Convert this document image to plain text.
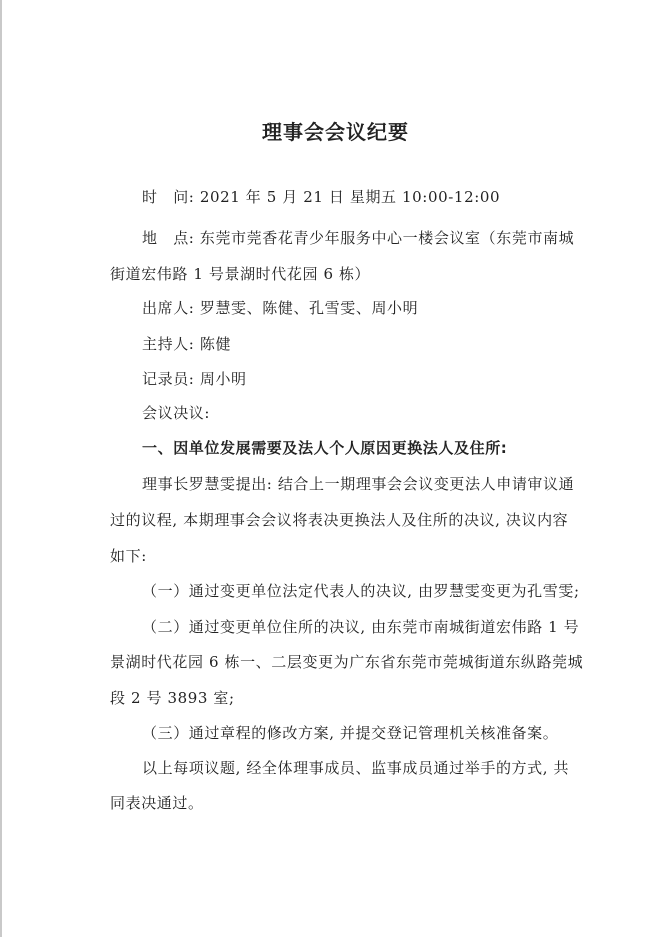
理事会会议纪要
时　问: 2021 年 5 月 21 日 星期五 10:00-12:00
地　点: 东莞市莞香花青少年服务中心一楼会议室（东莞市南城
街道宏伟路 1 号景湖时代花园 6 栋）
出席人: 罗慧雯、陈健、孔雪雯、周小明
主持人: 陈健
记录员: 周小明
会议决议:
一、因单位发展需要及法人个人原因更换法人及住所:
理事长罗慧雯提出: 结合上一期理事会会议变更法人申请审议通
过的议程, 本期理事会会议将表决更换法人及住所的决议, 决议内容
如下:
（一）通过变更单位法定代表人的决议, 由罗慧雯变更为孔雪雯;
（二）通过变更单位住所的决议, 由东莞市南城街道宏伟路 1 号
景湖时代花园 6 栋一、二层变更为广东省东莞市莞城街道东纵路莞城
段 2 号 3893 室;
（三）通过章程的修改方案, 并提交登记管理机关核准备案。
以上每项议题, 经全体理事成员、监事成员通过举手的方式, 共
同表决通过。
